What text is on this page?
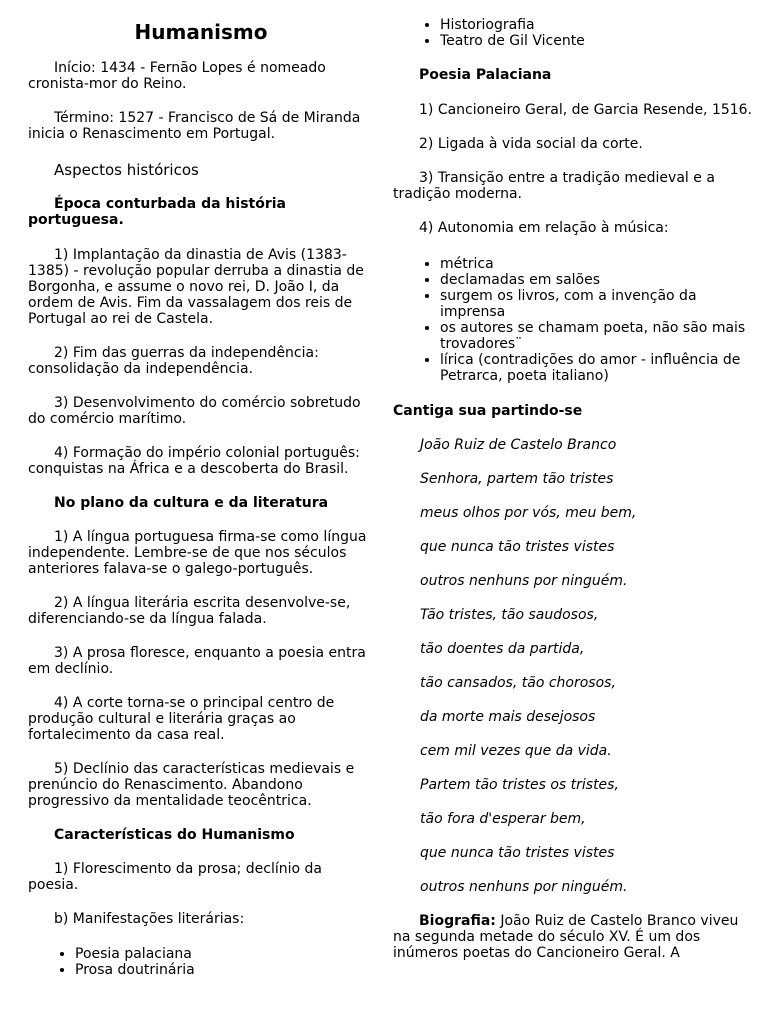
Humanismo

Início: 1434 - Fernão Lopes é nomeado cronista-mor do Reino.

Término: 1527 - Francisco de Sá de Miranda inicia o Renascimento em Portugal.

Aspectos históricos

Época conturbada da história portuguesa.

1) Implantação da dinastia de Avis (1383-1385) - revolução popular derruba a dinastia de Borgonha, e assume o novo rei, D. João I, da ordem de Avis. Fim da vassalagem dos reis de Portugal ao rei de Castela.

2) Fim das guerras da independência: consolidação da independência.

3) Desenvolvimento do comércio sobretudo do comércio marítimo.

4) Formação do império colonial português: conquistas na África e a descoberta do Brasil.

No plano da cultura e da literatura

1) A língua portuguesa firma-se como língua independente. Lembre-se de que nos séculos anteriores falava-se o galego-português.

2) A língua literária escrita desenvolve-se, diferenciando-se da língua falada.

3) A prosa floresce, enquanto a poesia entra em declínio.

4) A corte torna-se o principal centro de produção cultural e literária graças ao fortalecimento da casa real.

5) Declínio das características medievais e prenúncio do Renascimento. Abandono progressivo da mentalidade teocêntrica.

Características do Humanismo

1) Florescimento da prosa; declínio da poesia.

b) Manifestações literárias:

• Poesia palaciana
• Prosa doutrinária
• Historiografia
• Teatro de Gil Vicente

Poesia Palaciana

1) Cancioneiro Geral, de Garcia Resende, 1516.

2) Ligada à vida social da corte.

3) Transição entre a tradição medieval e a tradição moderna.

4) Autonomia em relação à música:

• métrica
• declamadas em salões
• surgem os livros, com a invenção da imprensa
• os autores se chamam poeta, não são mais trovadores¨
• lírica (contradições do amor - influência de Petrarca, poeta italiano)

Cantiga sua partindo-se

João Ruiz de Castelo Branco

Senhora, partem tão tristes

meus olhos por vós, meu bem,

que nunca tão tristes vistes

outros nenhuns por ninguém.

Tão tristes, tão saudosos,

tão doentes da partida,

tão cansados, tão chorosos,

da morte mais desejosos

cem mil vezes que da vida.

Partem tão tristes os tristes,

tão fora d'esperar bem,

que nunca tão tristes vistes

outros nenhuns por ninguém.

Biografia: João Ruiz de Castelo Branco viveu na segunda metade do século XV. É um dos inúmeros poetas do Cancioneiro Geral. A
